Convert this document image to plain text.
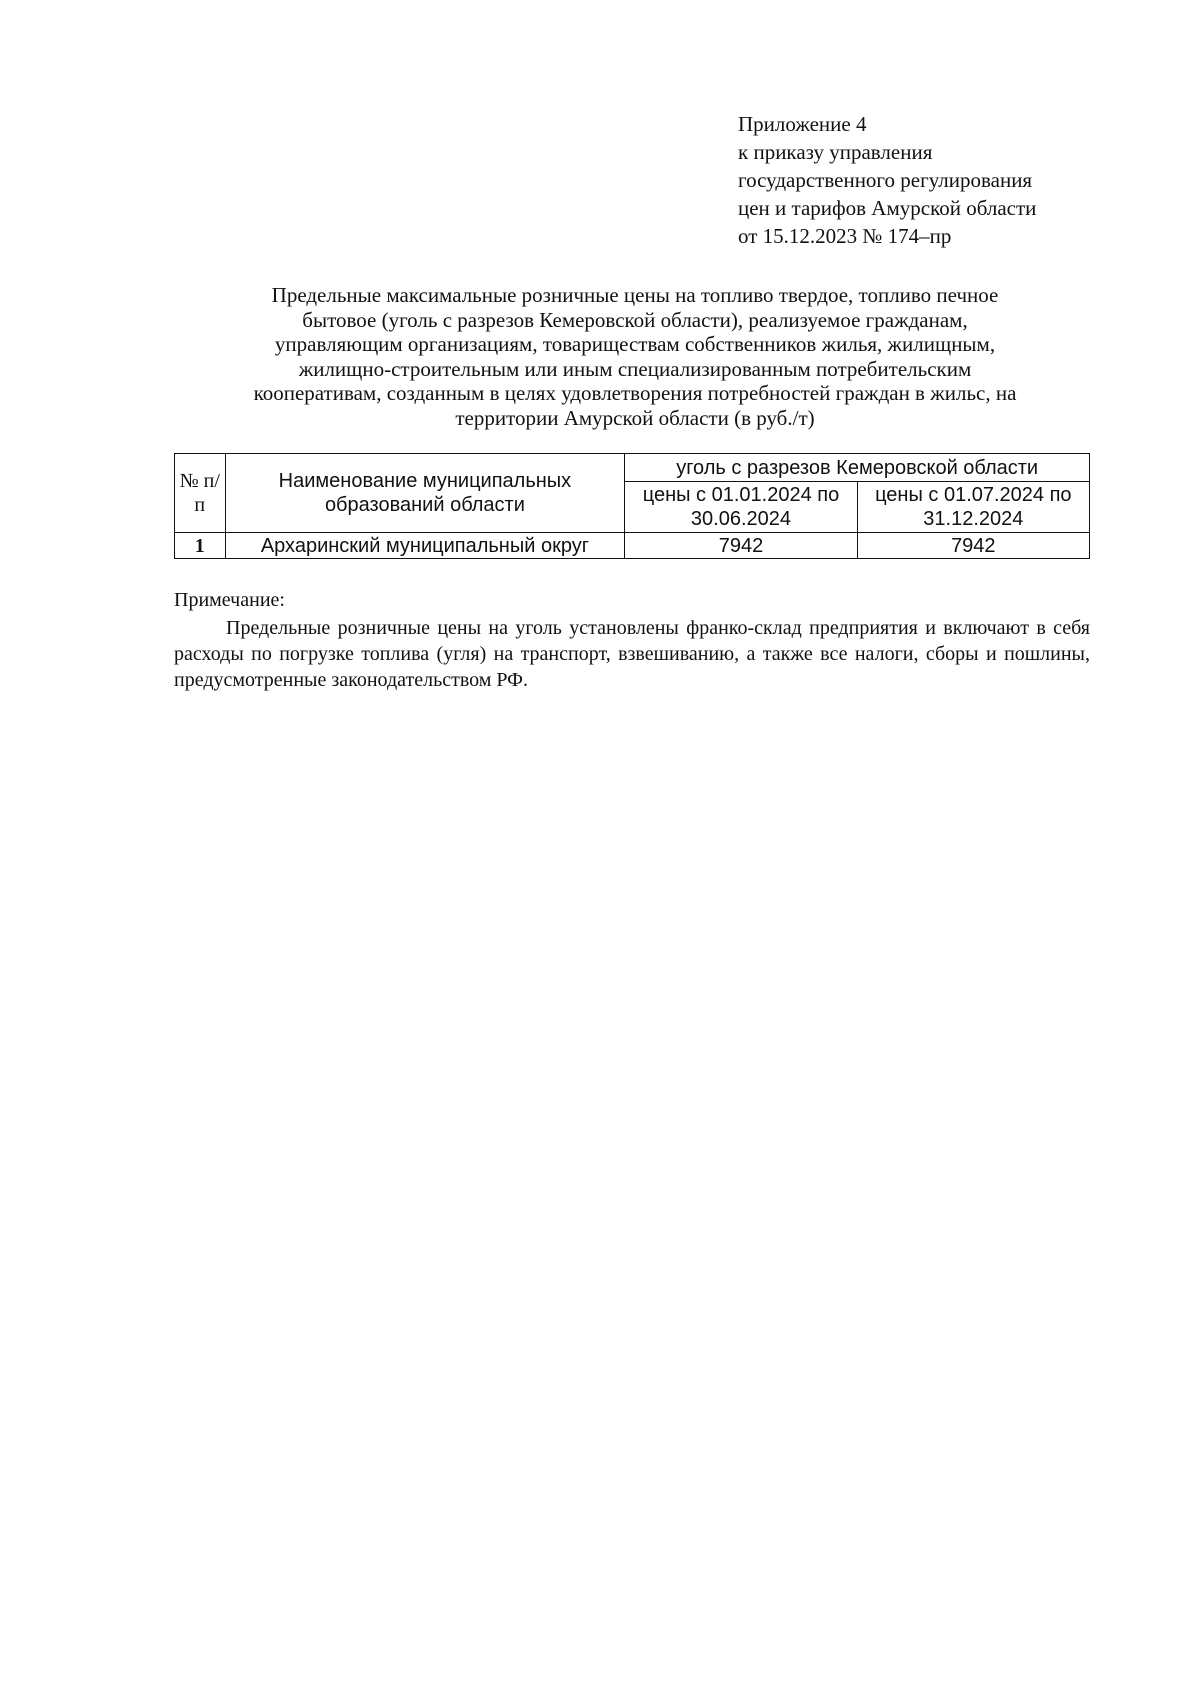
Приложение 4
к приказу управления
государственного регулирования
цен и тарифов Амурской области
от 15.12.2023 № 174–пр
Предельные максимальные розничные цены на топливо твердое, топливо печное
бытовое (уголь с разрезов Кемеровской области), реализуемое гражданам,
управляющим организациям, товариществам собственников жилья, жилищным,
жилищно-строительным или иным специализированным потребительским
кооперативам, созданным в целях удовлетворения потребностей граждан в жильс, на
территории Амурской области (в руб./т)
№ п/п	Наименование муниципальных образований области	уголь с разрезов Кемеровской области	
		цены с 01.01.2024 по 30.06.2024	цены с 01.07.2024 по 31.12.2024
1	Архаринский муниципальный округ	7942	7942
Примечание:
Предельные розничные цены на уголь установлены франко-склад предприятия и включают в себя расходы по погрузке топлива (угля) на транспорт, взвешиванию, а также все налоги, сборы и пошлины, предусмотренные законодательством РФ.
